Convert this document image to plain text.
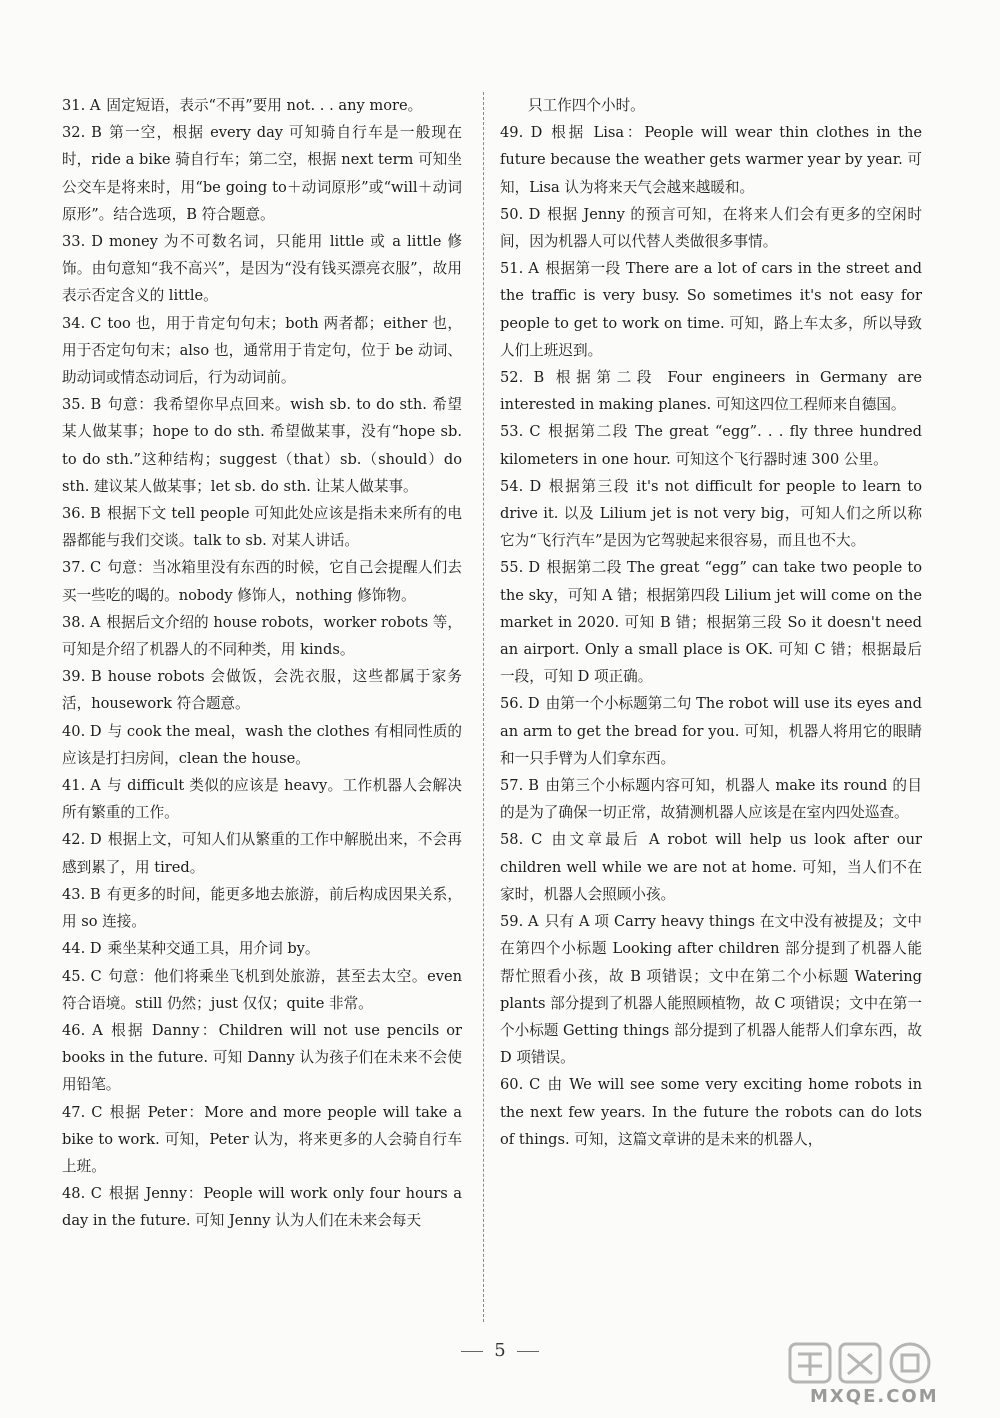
31. A 固定短语，表示“不再”要用 not. . . any more。
32. B 第一空，根据 every day 可知骑自行车是一般现在时，ride a bike 骑自行车；第二空，根据 next term 可知坐公交车是将来时，用“be going to＋动词原形”或“will＋动词原形”。结合选项，B 符合题意。
33. D money 为不可数名词，只能用 little 或 a little 修饰。由句意知“我不高兴”，是因为“没有钱买漂亮衣服”，故用表示否定含义的 little。
34. C too 也，用于肯定句句末；both 两者都；either 也，用于否定句句末；also 也，通常用于肯定句，位于 be 动词、助动词或情态动词后，行为动词前。
35. B 句意：我希望你早点回来。wish sb. to do sth. 希望某人做某事；hope to do sth. 希望做某事，没有“hope sb. to do sth.”这种结构；suggest（that）sb.（should）do sth. 建议某人做某事；let sb. do sth. 让某人做某事。
36. B 根据下文 tell people 可知此处应该是指未来所有的电器都能与我们交谈。talk to sb. 对某人讲话。
37. C 句意：当冰箱里没有东西的时候，它自己会提醒人们去买一些吃的喝的。nobody 修饰人，nothing 修饰物。
38. A 根据后文介绍的 house robots，worker robots 等，可知是介绍了机器人的不同种类，用 kinds。
39. B house robots 会做饭，会洗衣服，这些都属于家务活，housework 符合题意。
40. D 与 cook the meal，wash the clothes 有相同性质的应该是打扫房间，clean the house。
41. A 与 difficult 类似的应该是 heavy。工作机器人会解决所有繁重的工作。
42. D 根据上文，可知人们从繁重的工作中解脱出来，不会再感到累了，用 tired。
43. B 有更多的时间，能更多地去旅游，前后构成因果关系，用 so 连接。
44. D 乘坐某种交通工具，用介词 by。
45. C 句意：他们将乘坐飞机到处旅游，甚至去太空。even 符合语境。still 仍然；just 仅仅；quite 非常。
46. A 根据 Danny：Children will not use pencils or books in the future. 可知 Danny 认为孩子们在未来不会使用铅笔。
47. C 根据 Peter：More and more people will take a bike to work. 可知，Peter 认为，将来更多的人会骑自行车上班。
48. C 根据 Jenny：People will work only four hours a day in the future. 可知 Jenny 认为人们在未来会每天
只工作四个小时。
49. D 根据 Lisa：People will wear thin clothes in the future because the weather gets warmer year by year. 可知，Lisa 认为将来天气会越来越暖和。
50. D 根据 Jenny 的预言可知，在将来人们会有更多的空闲时间，因为机器人可以代替人类做很多事情。
51. A 根据第一段 There are a lot of cars in the street and the traffic is very busy. So sometimes it's not easy for people to get to work on time. 可知，路上车太多，所以导致人们上班迟到。
52. B 根据第二段 Four engineers in Germany are interested in making planes. 可知这四位工程师来自德国。
53. C 根据第二段 The great “egg”. . . fly three hundred kilometers in one hour. 可知这个飞行器时速 300 公里。
54. D 根据第三段 it's not difficult for people to learn to drive it. 以及 Lilium jet is not very big，可知人们之所以称它为“飞行汽车”是因为它驾驶起来很容易，而且也不大。
55. D 根据第二段 The great “egg” can take two people to the sky，可知 A 错；根据第四段 Lilium jet will come on the market in 2020. 可知 B 错；根据第三段 So it doesn't need an airport. Only a small place is OK. 可知 C 错；根据最后一段，可知 D 项正确。
56. D 由第一个小标题第二句 The robot will use its eyes and an arm to get the bread for you. 可知，机器人将用它的眼睛和一只手臂为人们拿东西。
57. B 由第三个小标题内容可知，机器人 make its round 的目的是为了确保一切正常，故猜测机器人应该是在室内四处巡查。
58. C 由文章最后 A robot will help us look after our children well while we are not at home. 可知，当人们不在家时，机器人会照顾小孩。
59. A 只有 A 项 Carry heavy things 在文中没有被提及；文中在第四个小标题 Looking after children 部分提到了机器人能帮忙照看小孩，故 B 项错误；文中在第二个小标题 Watering plants 部分提到了机器人能照顾植物，故 C 项错误；文中在第一个小标题 Getting things 部分提到了机器人能帮人们拿东西，故 D 项错误。
60. C 由 We will see some very exciting home robots in the next few years. In the future the robots can do lots of things. 可知，这篇文章讲的是未来的机器人，
5
MXQE.COM
